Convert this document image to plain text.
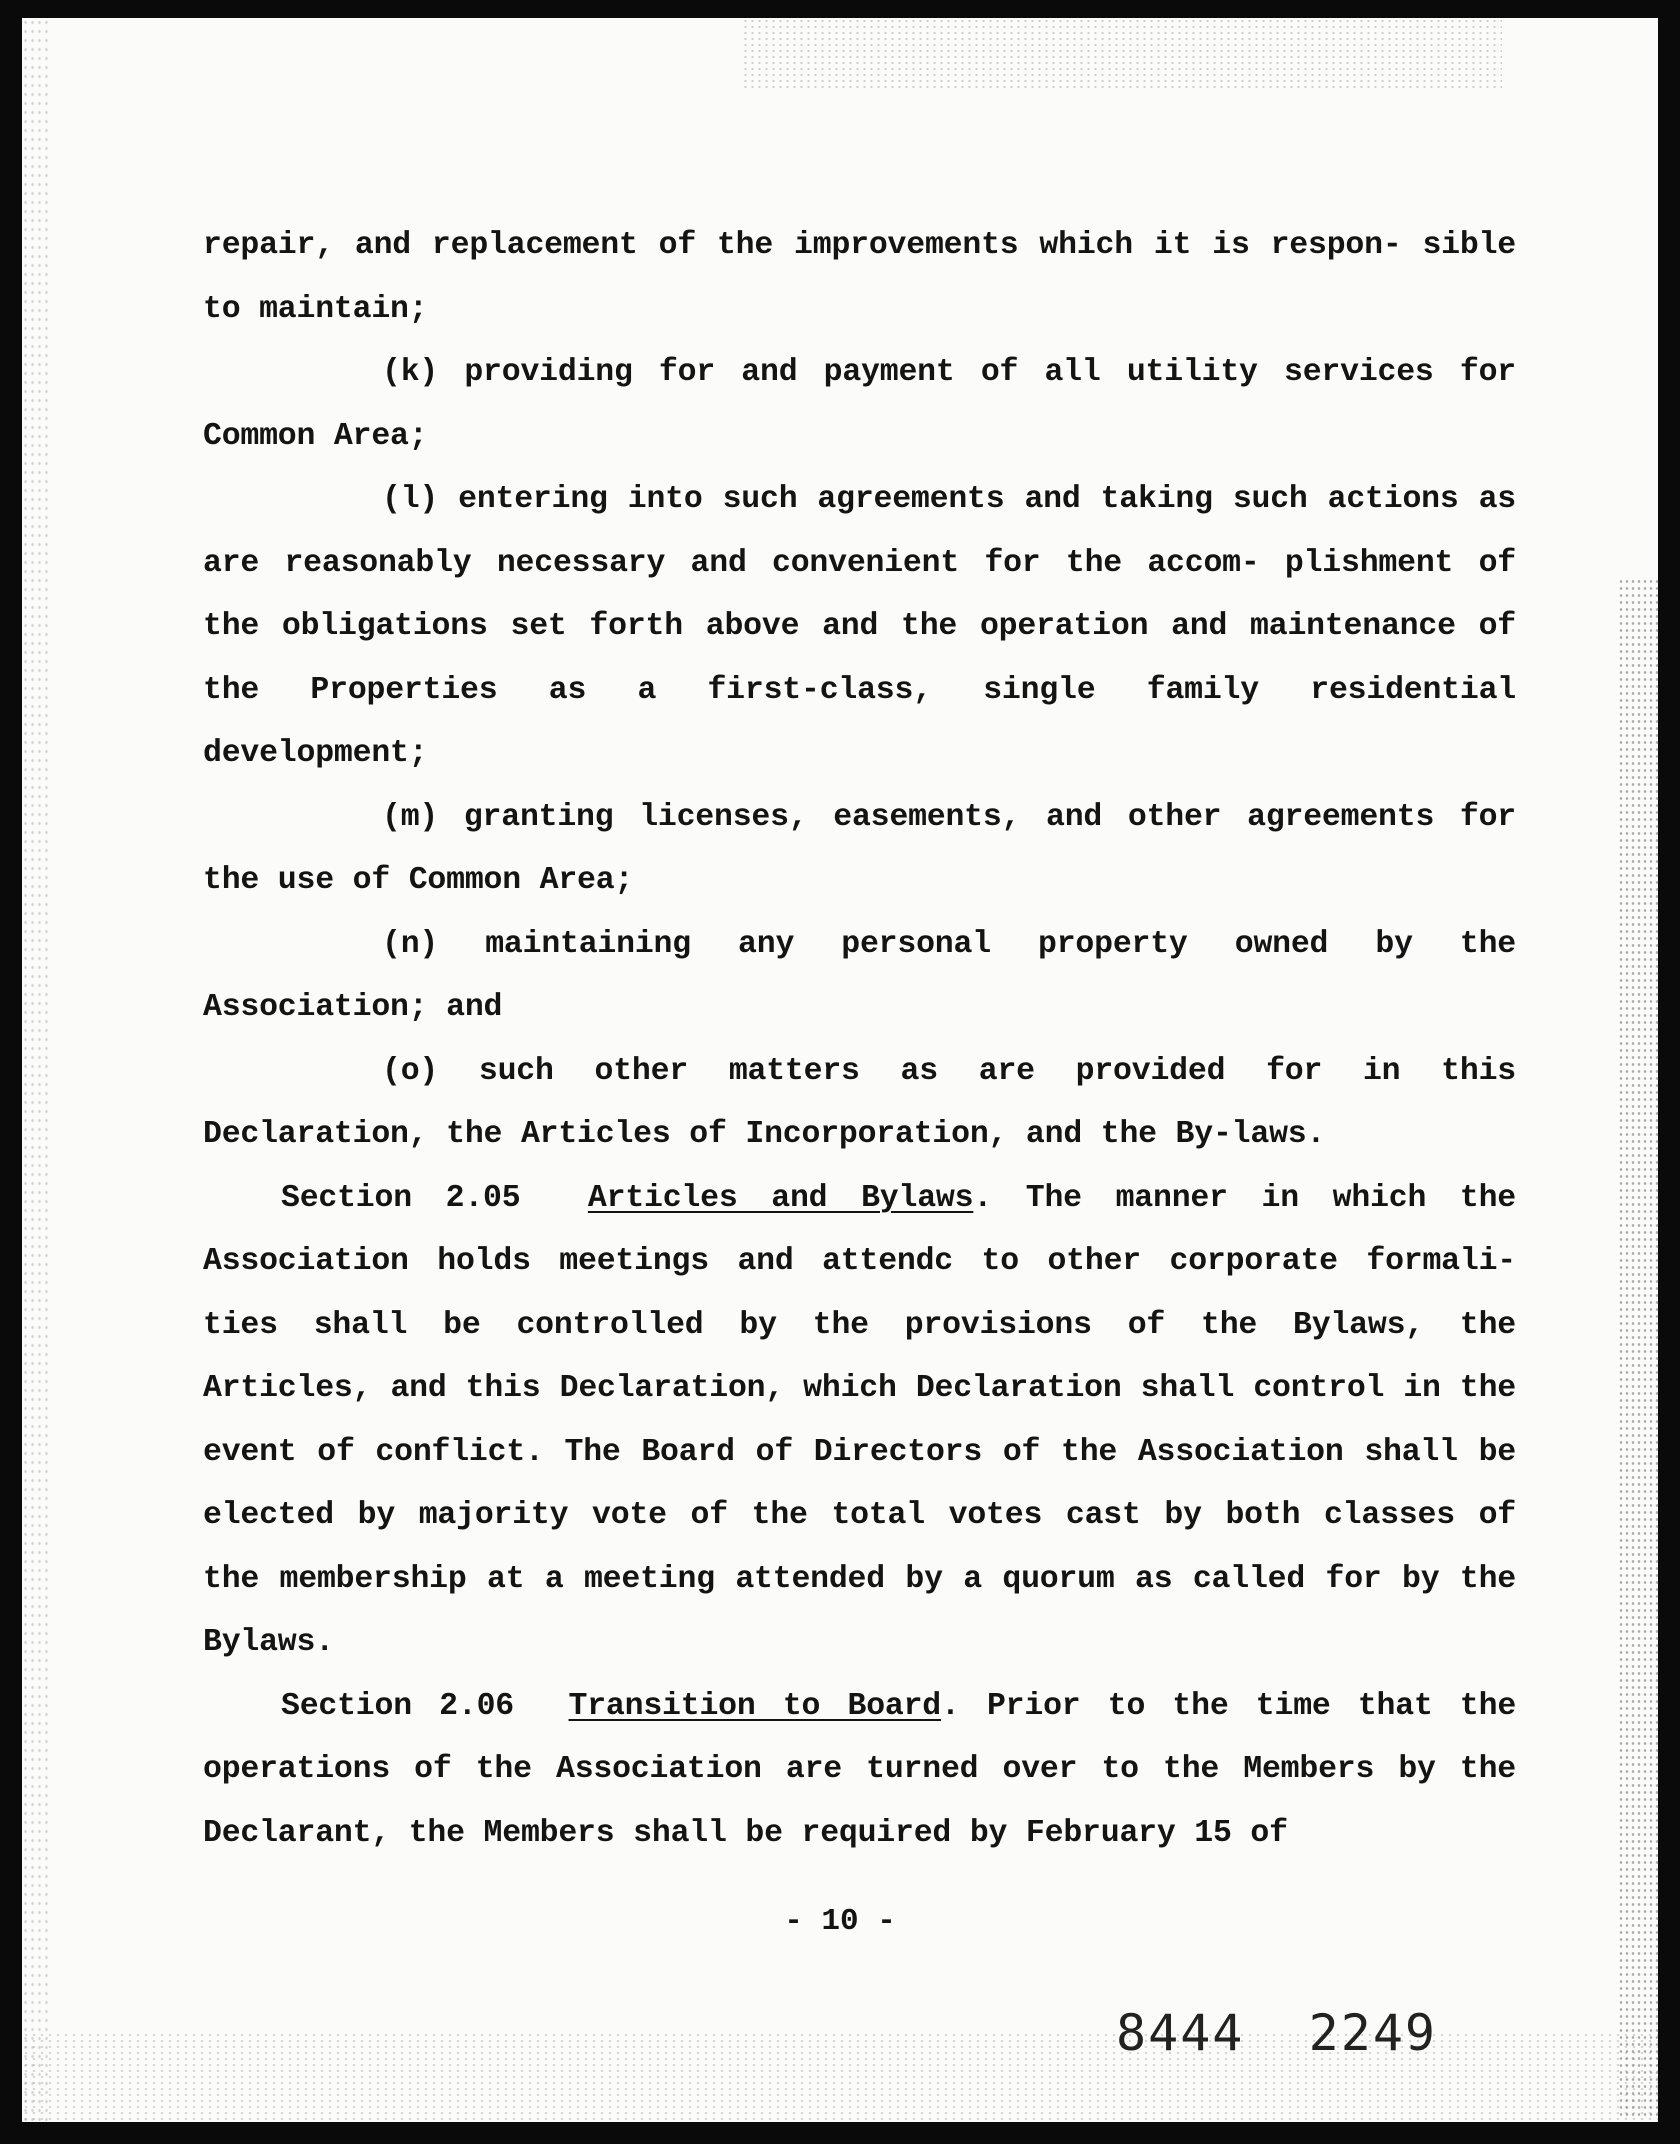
repair, and replacement of the improvements which it is respon- sible to maintain;

(k) providing for and payment of all utility services for Common Area;

(l) entering into such agreements and taking such actions as are reasonably necessary and convenient for the accom- plishment of the obligations set forth above and the operation and maintenance of the Properties as a first-class, single family residential development;

(m) granting licenses, easements, and other agreements for the use of Common Area;

(n) maintaining any personal property owned by the Association; and

(o) such other matters as are provided for in this Declaration, the Articles of Incorporation, and the By-laws.

Section 2.05 Articles and Bylaws. The manner in which the Association holds meetings and attendc to other corporate formali- ties shall be controlled by the provisions of the Bylaws, the Articles, and this Declaration, which Declaration shall control in the event of conflict. The Board of Directors of the Association shall be elected by majority vote of the total votes cast by both classes of the membership at a meeting attended by a quorum as called for by the Bylaws.

Section 2.06 Transition to Board. Prior to the time that the operations of the Association are turned over to the Members by the Declarant, the Members shall be required by February 15 of

- 10 -
8444  2249
